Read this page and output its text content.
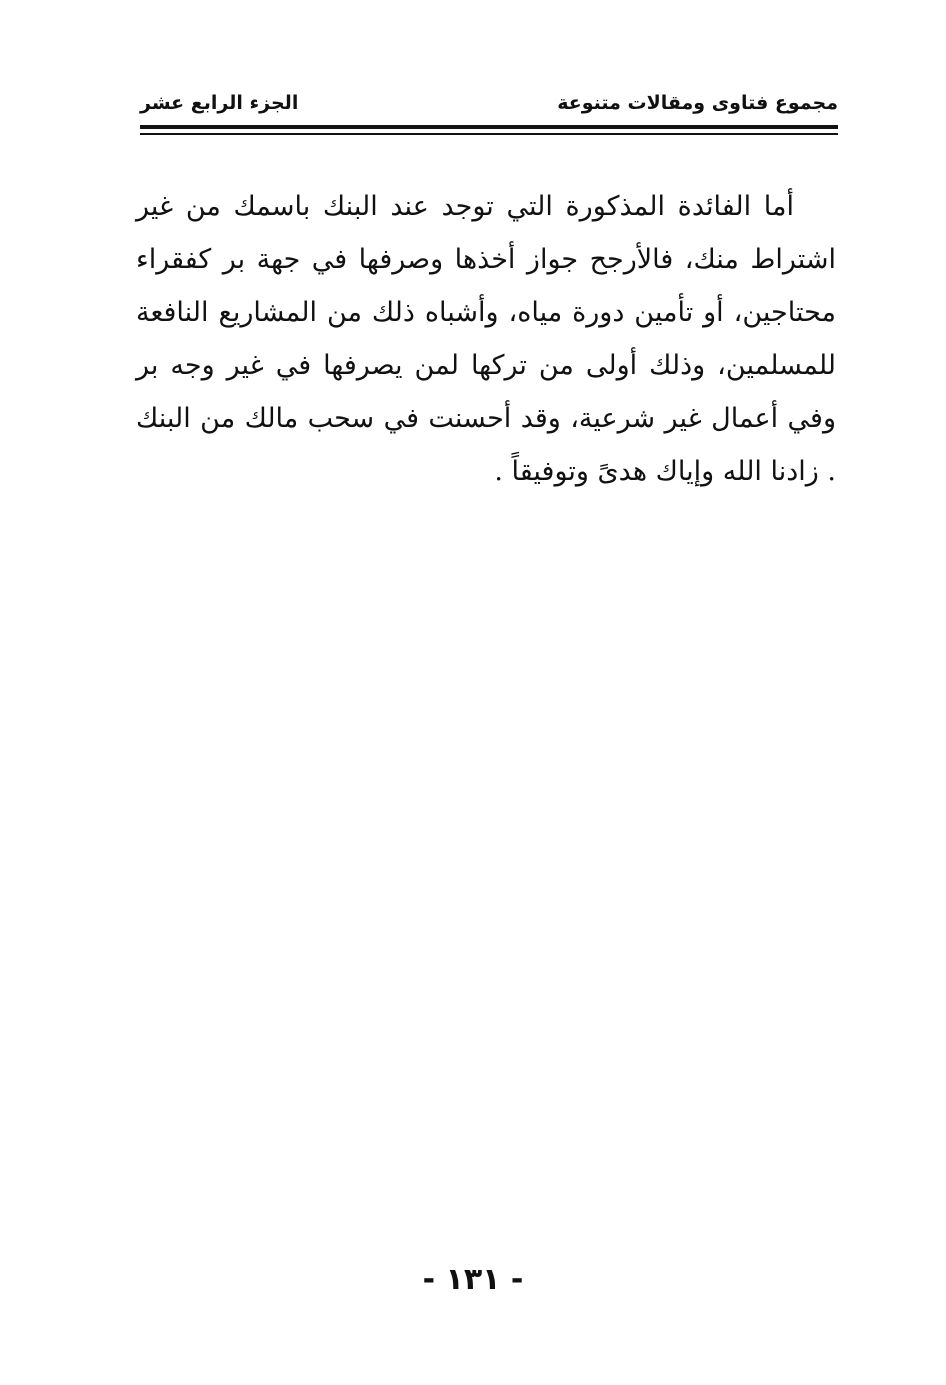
مجموع فتاوى ومقالات متنوعة
الجزء الرابع عشر

أما الفائدة المذكورة التي توجد عند البنك باسمك من غير اشتراط منك، فالأرجح جواز أخذها وصرفها في جهة بر كفقراء محتاجين، أو تأمين دورة مياه، وأشباه ذلك من المشاريع النافعة للمسلمين، وذلك أولى من تركها لمن يصرفها في غير وجه بر وفي أعمال غير شرعية، وقد أحسنت في سحب مالك من البنك . زادنا الله وإياك هدىً وتوفيقاً .

- ١٣١ -
